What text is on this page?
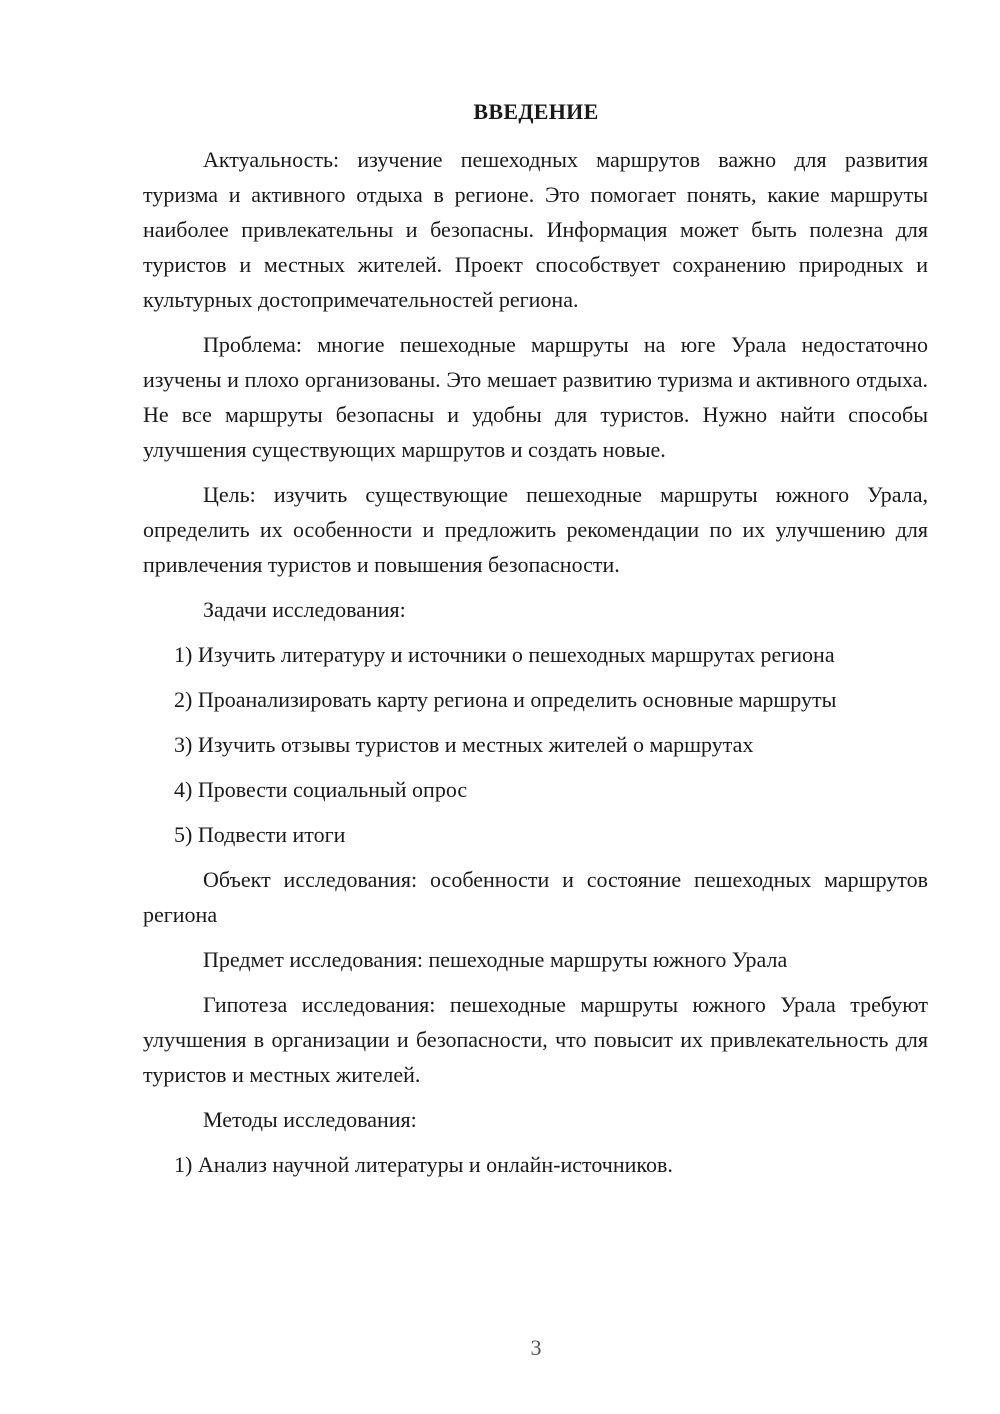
ВВЕДЕНИЕ

Актуальность: изучение пешеходных маршрутов важно для развития туризма и активного отдыха в регионе. Это помогает понять, какие маршруты наиболее привлекательны и безопасны. Информация может быть полезна для туристов и местных жителей. Проект способствует сохранению природных и культурных достопримечательностей региона.

Проблема: многие пешеходные маршруты на юге Урала недостаточно изучены и плохо организованы. Это мешает развитию туризма и активного отдыха. Не все маршруты безопасны и удобны для туристов. Нужно найти способы улучшения существующих маршрутов и создать новые.

Цель: изучить существующие пешеходные маршруты южного Урала, определить их особенности и предложить рекомендации по их улучшению для привлечения туристов и повышения безопасности.

Задачи исследования:

1) Изучить литературу и источники о пешеходных маршрутах региона

2) Проанализировать карту региона и определить основные маршруты

3) Изучить отзывы туристов и местных жителей о маршрутах

4) Провести социальный опрос

5) Подвести итоги

Объект исследования: особенности и состояние пешеходных маршрутов региона

Предмет исследования: пешеходные маршруты южного Урала

Гипотеза исследования: пешеходные маршруты южного Урала требуют улучшения в организации и безопасности, что повысит их привлекательность для туристов и местных жителей.

Методы исследования:

1) Анализ научной литературы и онлайн-источников.

3
